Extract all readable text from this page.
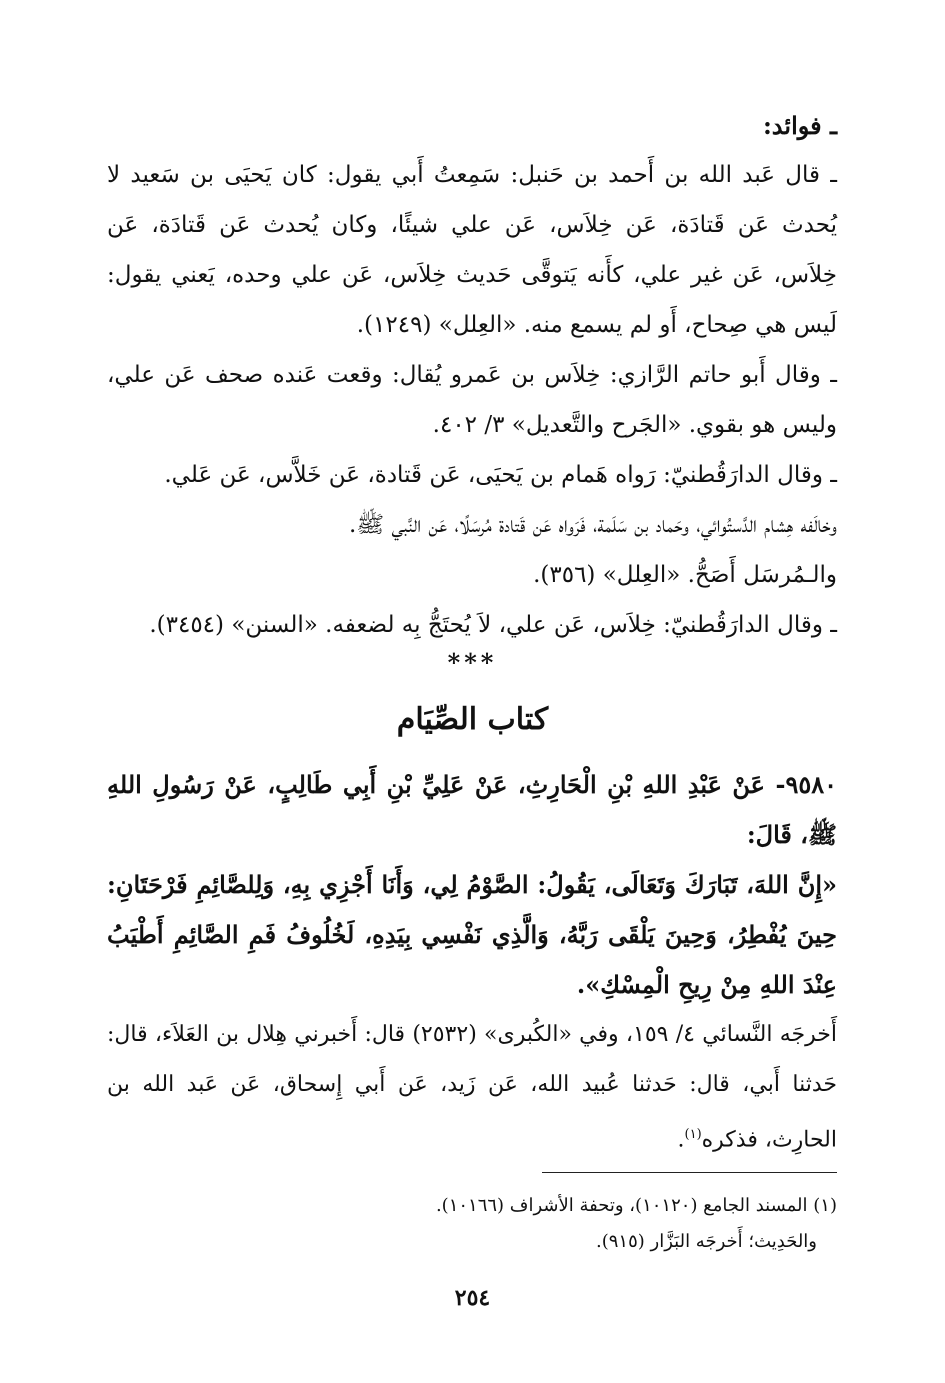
ـ فوائد:

ـ قال عَبد الله بن أَحمد بن حَنبل: سَمِعتُ أَبي يقول: كان يَحيَى بن سَعيد لا يُحدث عَن قَتادَة، عَن خِلاَس، عَن علي شيئًا، وكان يُحدث عَن قَتادَة، عَن خِلاَس، عَن غير علي، كأَنه يَتوقَّى حَديث خِلاَس، عَن علي وحده، يَعني يقول: لَيس هي صِحاح، أَو لم يسمع منه. «العِلل» (١٢٤٩).

ـ وقال أَبو حاتم الرَّازي: خِلاَس بن عَمرو يُقال: وقعت عَنده صحف عَن علي، وليس هو بقوي. «الجَرح والتَّعديل» ٣/ ٤٠٢.

ـ وقال الدارَقُطنيّ: رَواه هَمام بن يَحيَى، عَن قَتادة، عَن خَلاَّس، عَن عَلي.

وخالَفه هِشام الدَّستُوائي، وحَماد بن سَلَمة، فَرَواه عَن قَتادة مُرسَلًا، عَن النَّبي ﷺ.

والـمُرسَل أَصَحُّ. «العِلل» (٣٥٦).

ـ وقال الدارَقُطنيّ: خِلاَس، عَن علي، لاَ يُحتَجُّ بِه لضعفه. «السنن» (٣٤٥٤).

***
كتاب الصِّيَام

٩٥٨٠- عَنْ عَبْدِ اللهِ بْنِ الْحَارِثِ، عَنْ عَلِيِّ بْنِ أَبِي طَالِبٍ، عَنْ رَسُولِ اللهِ ﷺ، قَالَ:

«إِنَّ اللهَ، تَبَارَكَ وَتَعَالَى، يَقُولُ: الصَّوْمُ لِي، وَأَنَا أَجْزِي بِهِ، وَلِلصَّائِمِ فَرْحَتَانِ: حِينَ يُفْطِرُ، وَحِينَ يَلْقَى رَبَّهُ، وَالَّذِي نَفْسِي بِيَدِهِ، لَخُلُوفُ فَمِ الصَّائِمِ أَطْيَبُ عِنْدَ اللهِ مِنْ رِيحِ الْمِسْكِ».

أَخرجَه النَّسائي ٤/ ١٥٩، وفي «الكُبرى» (٢٥٣٢) قال: أَخبرني هِلال بن العَلاَء، قال: حَدثنا أَبي، قال: حَدثنا عُبيد الله، عَن زَيد، عَن أَبي إِسحاق، عَن عَبد الله بن الحارِث، فذكره$^{(١)}$.

(١) المسند الجامع (١٠١٢٠)، وتحفة الأشراف (١٠١٦٦).
والحَدِيث؛ أَخرجَه البَزَّار (٩١٥).
٢٥٤
